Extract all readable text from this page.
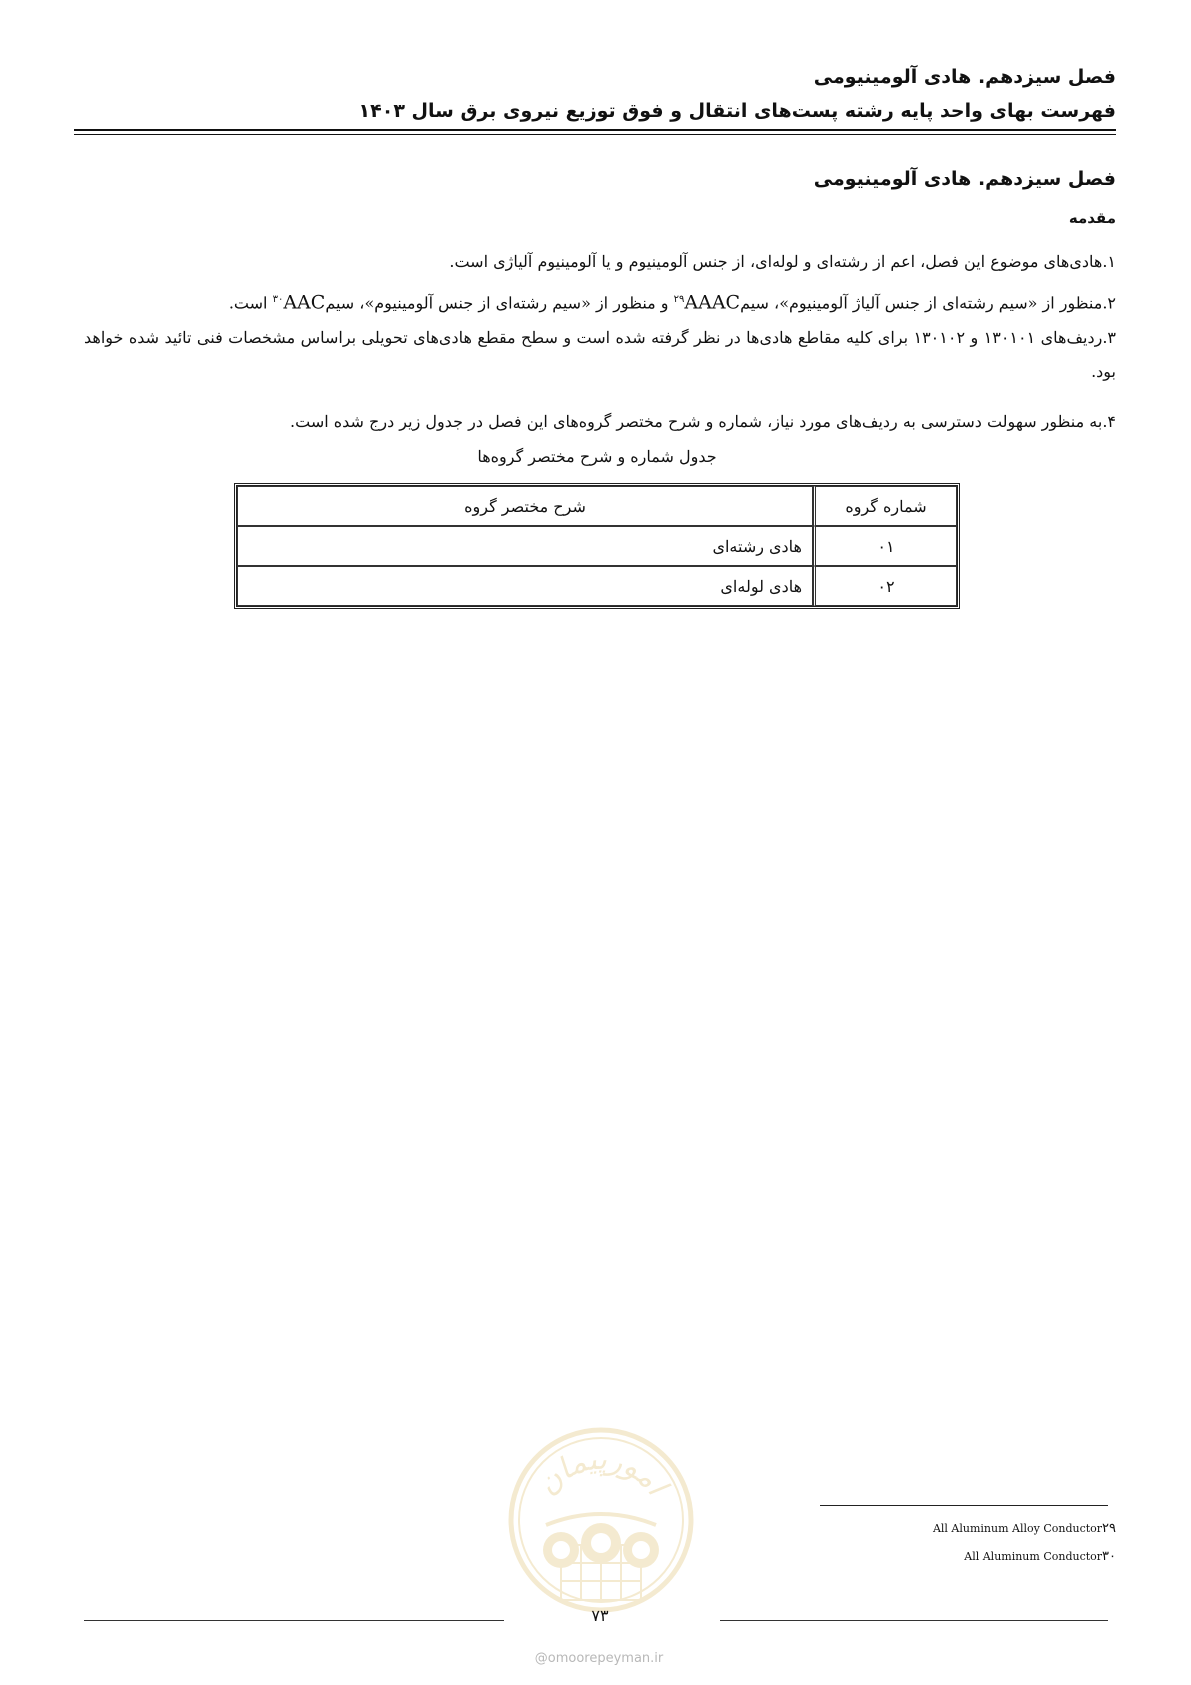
فصل سیزدهم. هادی آلومینیومی
فهرست بهای واحد پایه رشته پست‌های انتقال و فوق توزیع نیروی برق سال ۱۴۰۳
فصل سیزدهم. هادی آلومینیومی
مقدمه
۱.هادی‌های موضوع این فصل، اعم از رشته‌ای و لوله‌ای، از جنس آلومینیوم و یا آلومینیوم آلیاژی است.
۲.منظور از «سیم رشته‌ای از جنس آلیاژ آلومینیوم»، سیمAAAC$^{۲۹}$ و منظور از «سیم رشته‌ای از جنس آلومینیوم»، سیمAAC$^{۳۰}$ است.
۳.ردیف‌های ۱۳۰۱۰۱ و ۱۳۰۱۰۲ برای کلیه مقاطع هادی‌ها در نظر گرفته شده است و سطح مقطع هادی‌های تحویلی براساس مشخصات فنی تائید شده خواهد بود.
۴.به منظور سهولت دسترسی به ردیف‌های مورد نیاز، شماره و شرح مختصر گروه‌های این فصل در جدول زیر درج شده است.
جدول شماره و شرح مختصر گروه‌ها
شماره گروه	شرح مختصر گروه
۰۱	هادی رشته‌ای
۰۲	هادی لوله‌ای
امورپیمان
@omoorepeyman.ir
۲۹All Aluminum Alloy Conductor
۳۰All Aluminum Conductor
۷۳
